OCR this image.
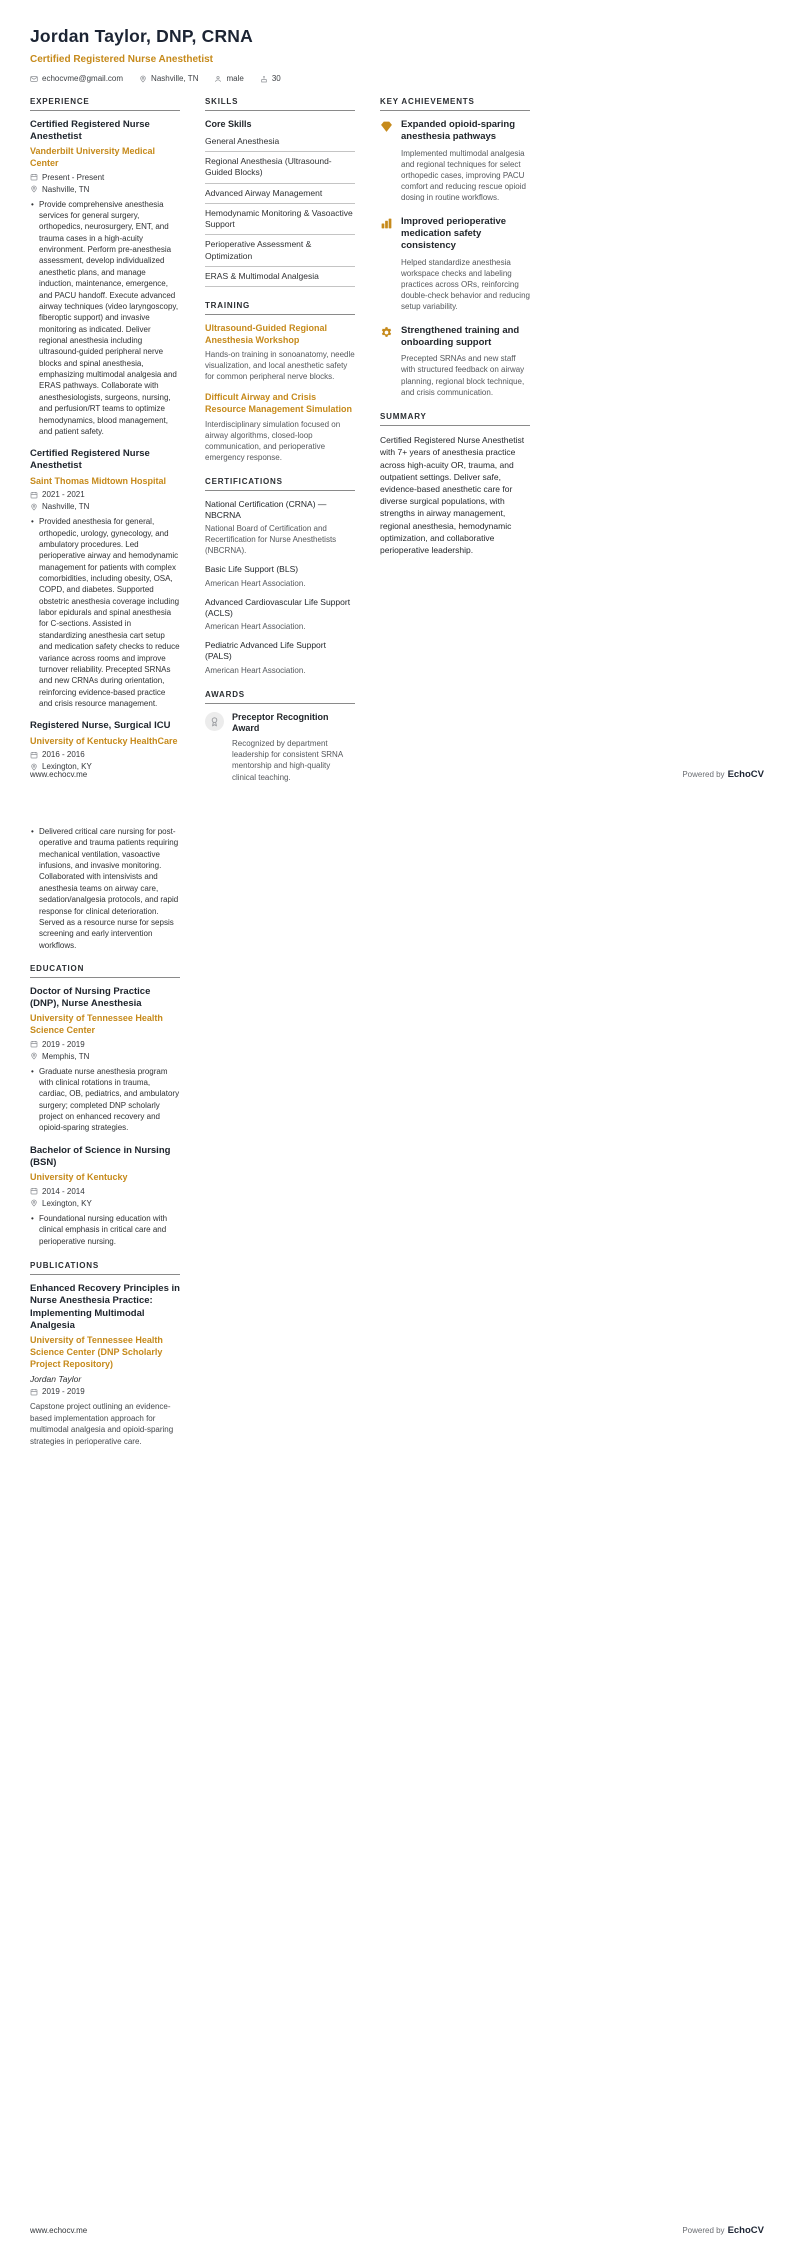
Jordan Taylor, DNP, CRNA
Certified Registered Nurse Anesthetist
echocvme@gmail.com	Nashville, TN	male	30
EXPERIENCE
Certified Registered Nurse Anesthetist
Vanderbilt University Medical Center
Present - Present
Nashville, TN
• Provide comprehensive anesthesia services for general surgery, orthopedics, neurosurgery, ENT, and trauma cases in a high-acuity environment. Perform pre-anesthesia assessment, develop individualized anesthetic plans, and manage induction, maintenance, emergence, and PACU handoff. Execute advanced airway techniques (video laryngoscopy, fiberoptic support) and invasive monitoring as indicated. Deliver regional anesthesia including ultrasound-guided peripheral nerve blocks and spinal anesthesia, emphasizing multimodal analgesia and ERAS pathways. Collaborate with anesthesiologists, surgeons, nursing, and perfusion/RT teams to optimize hemodynamics, blood management, and patient safety.
Certified Registered Nurse Anesthetist
Saint Thomas Midtown Hospital
2021 - 2021
Nashville, TN
• Provided anesthesia for general, orthopedic, urology, gynecology, and ambulatory procedures. Led perioperative airway and hemodynamic management for patients with complex comorbidities, including obesity, OSA, COPD, and diabetes. Supported obstetric anesthesia coverage including labor epidurals and spinal anesthesia for C-sections. Assisted in standardizing anesthesia cart setup and medication safety checks to reduce variance across rooms and improve turnover reliability. Precepted SRNAs and new CRNAs during orientation, reinforcing evidence-based practice and crisis resource management.
Registered Nurse, Surgical ICU
University of Kentucky HealthCare
2016 - 2016
Lexington, KY
SKILLS
Core Skills
General Anesthesia
Regional Anesthesia (Ultrasound-Guided Blocks)
Advanced Airway Management
Hemodynamic Monitoring & Vasoactive Support
Perioperative Assessment & Optimization
ERAS & Multimodal Analgesia
TRAINING
Ultrasound-Guided Regional Anesthesia Workshop
Hands-on training in sonoanatomy, needle visualization, and local anesthetic safety for common peripheral nerve blocks.
Difficult Airway and Crisis Resource Management Simulation
Interdisciplinary simulation focused on airway algorithms, closed-loop communication, and perioperative emergency response.
CERTIFICATIONS
National Certification (CRNA) — NBCRNA
National Board of Certification and Recertification for Nurse Anesthetists (NBCRNA).
Basic Life Support (BLS)
American Heart Association.
Advanced Cardiovascular Life Support (ACLS)
American Heart Association.
Pediatric Advanced Life Support (PALS)
American Heart Association.
AWARDS
Preceptor Recognition Award
Recognized by department leadership for consistent SRNA mentorship and high-quality clinical teaching.
KEY ACHIEVEMENTS
Expanded opioid-sparing anesthesia pathways
Implemented multimodal analgesia and regional techniques for select orthopedic cases, improving PACU comfort and reducing rescue opioid dosing in routine workflows.
Improved perioperative medication safety consistency
Helped standardize anesthesia workspace checks and labeling practices across ORs, reinforcing double-check behavior and reducing setup variability.
Strengthened training and onboarding support
Precepted SRNAs and new staff with structured feedback on airway planning, regional block technique, and crisis communication.
SUMMARY

Certified Registered Nurse Anesthetist with 7+ years of anesthesia practice across high-acuity OR, trauma, and outpatient settings. Deliver safe, evidence-based anesthetic care for diverse surgical populations, with strengths in airway management, regional anesthesia, hemodynamic optimization, and collaborative perioperative leadership.

www.echocv.me	Powered by EchoCV
• Delivered critical care nursing for post-operative and trauma patients requiring mechanical ventilation, vasoactive infusions, and invasive monitoring. Collaborated with intensivists and anesthesia teams on airway care, sedation/analgesia protocols, and rapid response for clinical deterioration. Served as a resource nurse for sepsis screening and early intervention workflows.
EDUCATION
Doctor of Nursing Practice (DNP), Nurse Anesthesia
University of Tennessee Health Science Center
2019 - 2019
Memphis, TN
• Graduate nurse anesthesia program with clinical rotations in trauma, cardiac, OB, pediatrics, and ambulatory surgery; completed DNP scholarly project on enhanced recovery and opioid-sparing strategies.
Bachelor of Science in Nursing (BSN)
University of Kentucky
2014 - 2014
Lexington, KY
• Foundational nursing education with clinical emphasis in critical care and perioperative nursing.
PUBLICATIONS
Enhanced Recovery Principles in Nurse Anesthesia Practice: Implementing Multimodal Analgesia
University of Tennessee Health Science Center (DNP Scholarly Project Repository)
Jordan Taylor
2019 - 2019
Capstone project outlining an evidence-based implementation approach for multimodal analgesia and opioid-sparing strategies in perioperative care.
www.echocv.me	Powered by EchoCV
